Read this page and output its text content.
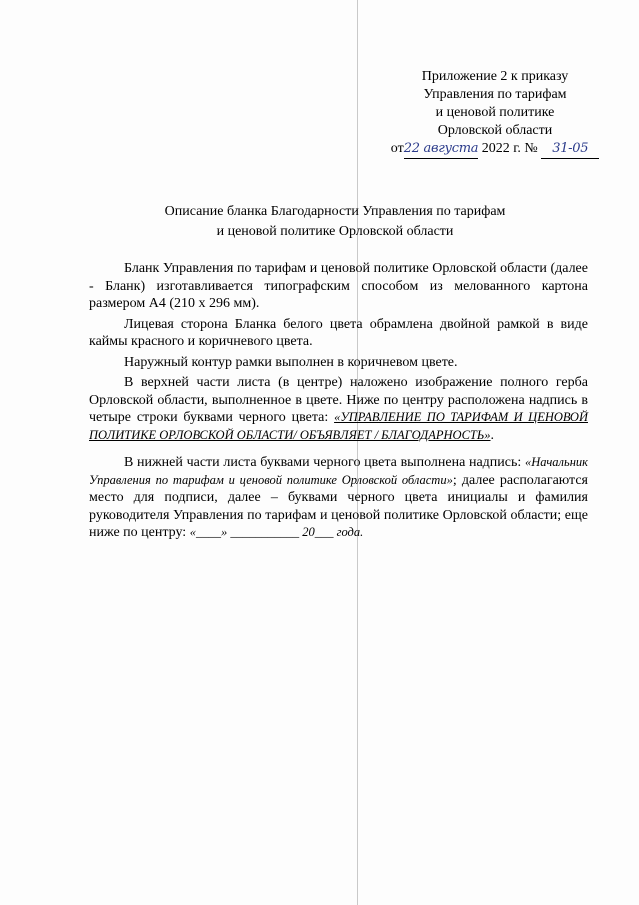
Приложение 2 к приказу
Управления по тарифам
и ценовой политике
Орловской области
от22 августа 2022 г. № 31-05
Описание бланка Благодарности Управления по тарифам
и ценовой политике Орловской области

Бланк Управления по тарифам и ценовой политике Орловской области (далее - Бланк) изготавливается типографским способом из мелованного картона размером А4 (210 х 296 мм).

Лицевая сторона Бланка белого цвета обрамлена двойной рамкой в виде каймы красного и коричневого цвета.

Наружный контур рамки выполнен в коричневом цвете.

В верхней части листа (в центре) наложено изображение полного герба Орловской области, выполненное в цвете. Ниже по центру расположена надпись в четыре строки буквами черного цвета: «УПРАВЛЕНИЕ ПО ТАРИФАМ И ЦЕНОВОЙ ПОЛИТИКЕ ОРЛОВСКОЙ ОБЛАСТИ/ ОБЪЯВЛЯЕТ / БЛАГОДАРНОСТЬ».

В нижней части листа буквами черного цвета выполнена надпись: «Начальник Управления по тарифам и ценовой политике Орловской области»; далее располагаются место для подписи, далее – буквами черного цвета инициалы и фамилия руководителя Управления по тарифам и ценовой политике Орловской области; еще ниже по центру: «____» ___________ 20___ года.
